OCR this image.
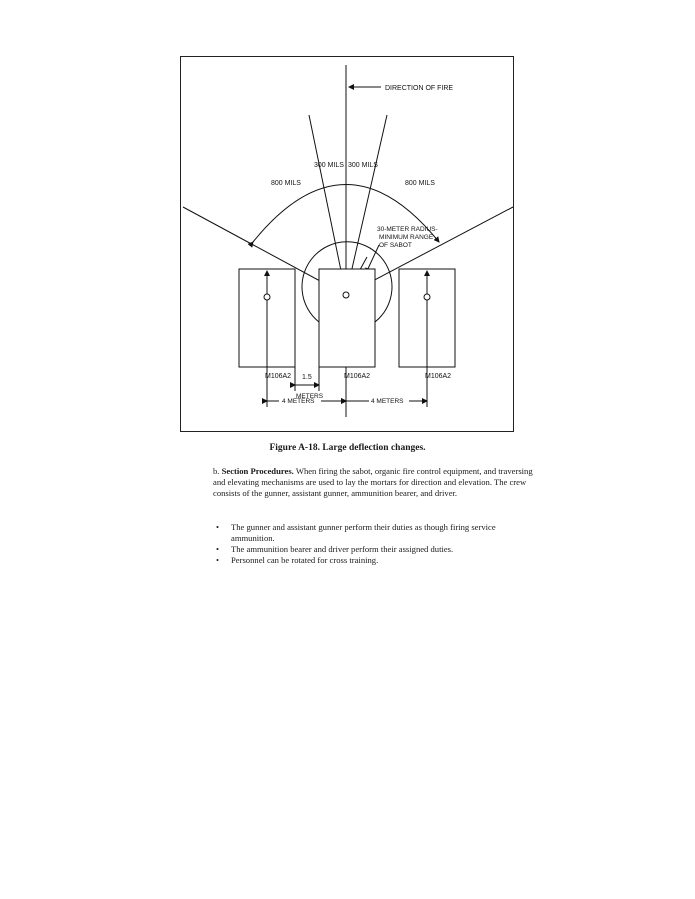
DIRECTION OF FIRE
300 MILS 300 MILS
800 MILS	800 MILS
30-METER RADIUS-
MINIMUM RANGE
OF SABOT
M106A2	M106A2	M106A2
1.5
METERS
4 METERS	4 METERS
Figure A-18. Large deflection changes.

b. Section Procedures. When firing the sabot, organic fire control equipment, and traversing and elevating mechanisms are used to lay the mortars for direction and elevation. The crew consists of the gunner, assistant gunner, ammunition bearer, and driver.

• The gunner and assistant gunner perform their duties as though firing service ammunition.
• The ammunition bearer and driver perform their assigned duties.
• Personnel can be rotated for cross training.
